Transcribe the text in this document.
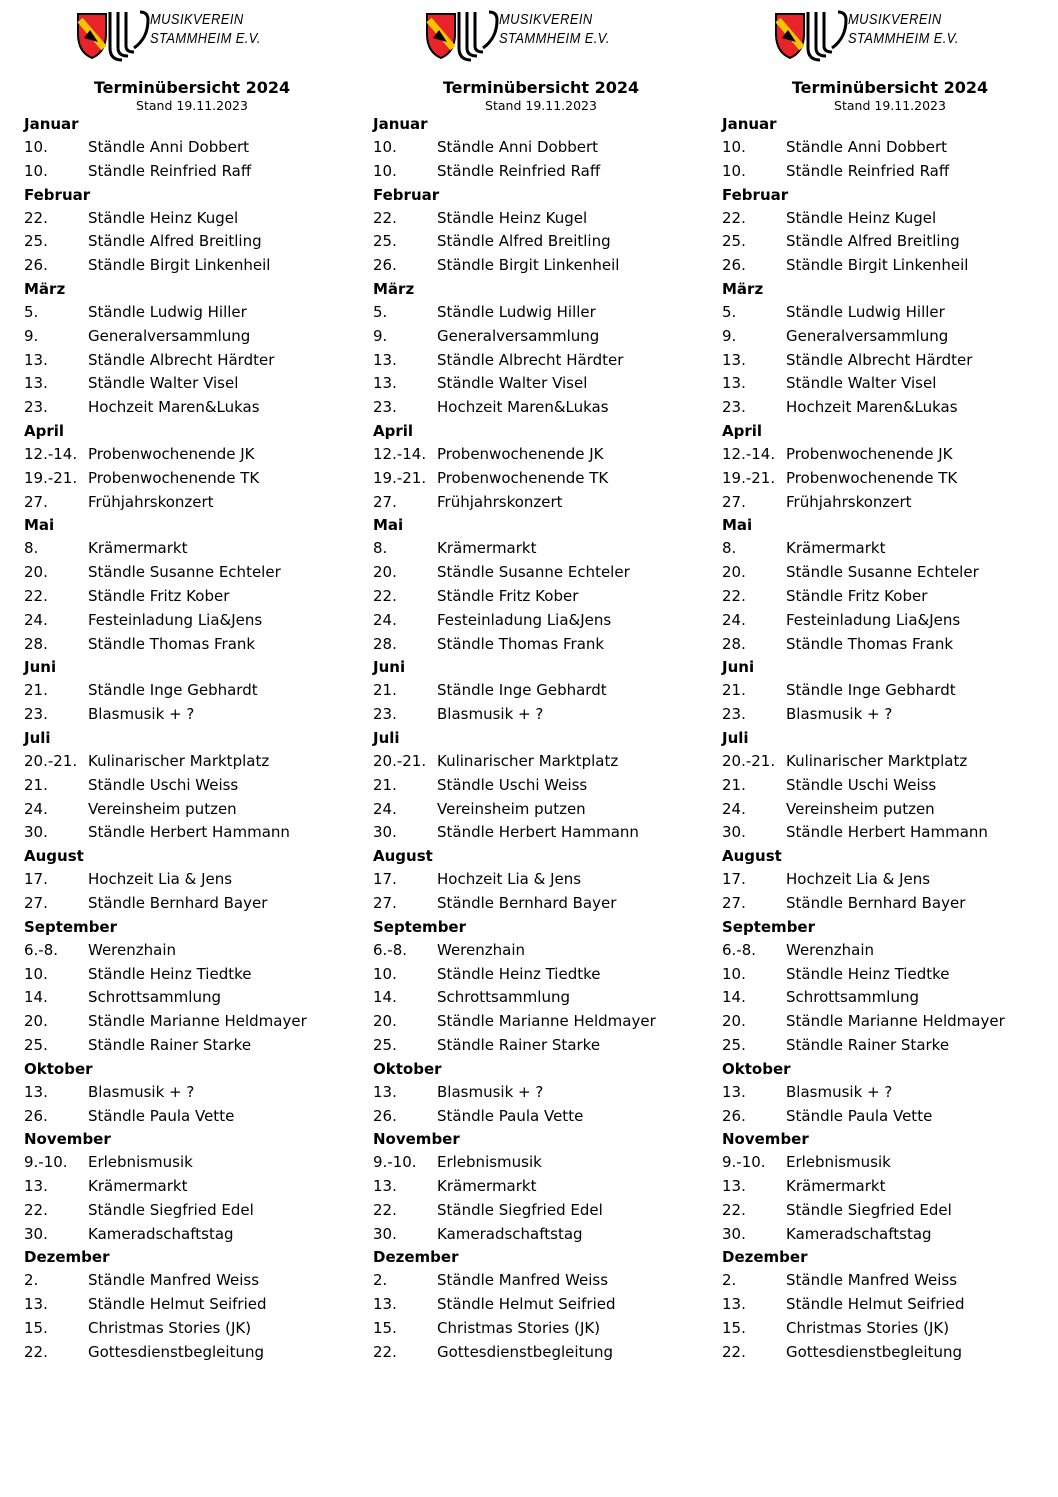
MUSIKVEREIN
STAMMHEIM E.V.
Terminübersicht 2024
Stand 19.11.2023
Januar
10.	Ständle Anni Dobbert
10.	Ständle Reinfried Raff
Februar
22.	Ständle Heinz Kugel
25.	Ständle Alfred Breitling
26.	Ständle Birgit Linkenheil
März
5.	Ständle Ludwig Hiller
9.	Generalversammlung
13.	Ständle Albrecht Härdter
13.	Ständle Walter Visel
23.	Hochzeit Maren&Lukas
April
12.-14. Probenwochenende JK
19.-21. Probenwochenende TK
27.	Frühjahrskonzert
Mai
8.	Krämermarkt
20.	Ständle Susanne Echteler
22.	Ständle Fritz Kober
24.	Festeinladung Lia&Jens
28.	Ständle Thomas Frank
Juni
21.	Ständle Inge Gebhardt
23.	Blasmusik + ?
Juli
20.-21. Kulinarischer Marktplatz
21.	Ständle Uschi Weiss
24.	Vereinsheim putzen
30.	Ständle Herbert Hammann
August
17.	Hochzeit Lia & Jens
27.	Ständle Bernhard Bayer
September
6.-8.	Werenzhain
10.	Ständle Heinz Tiedtke
14.	Schrottsammlung
20.	Ständle Marianne Heldmayer
25.	Ständle Rainer Starke
Oktober
13.	Blasmusik + ?
26.	Ständle Paula Vette
November
9.-10.	Erlebnismusik
13.	Krämermarkt
22.	Ständle Siegfried Edel
30.	Kameradschaftstag
Dezember
2.	Ständle Manfred Weiss
13.	Ständle Helmut Seifried
15.	Christmas Stories (JK)
22.	Gottesdienstbegleitung
MUSIKVEREIN
STAMMHEIM E.V.
Terminübersicht 2024
Stand 19.11.2023
Januar
10.	Ständle Anni Dobbert
10.	Ständle Reinfried Raff
Februar
22.	Ständle Heinz Kugel
25.	Ständle Alfred Breitling
26.	Ständle Birgit Linkenheil
März
5.	Ständle Ludwig Hiller
9.	Generalversammlung
13.	Ständle Albrecht Härdter
13.	Ständle Walter Visel
23.	Hochzeit Maren&Lukas
April
12.-14. Probenwochenende JK
19.-21. Probenwochenende TK
27.	Frühjahrskonzert
Mai
8.	Krämermarkt
20.	Ständle Susanne Echteler
22.	Ständle Fritz Kober
24.	Festeinladung Lia&Jens
28.	Ständle Thomas Frank
Juni
21.	Ständle Inge Gebhardt
23.	Blasmusik + ?
Juli
20.-21. Kulinarischer Marktplatz
21.	Ständle Uschi Weiss
24.	Vereinsheim putzen
30.	Ständle Herbert Hammann
August
17.	Hochzeit Lia & Jens
27.	Ständle Bernhard Bayer
September
6.-8.	Werenzhain
10.	Ständle Heinz Tiedtke
14.	Schrottsammlung
20.	Ständle Marianne Heldmayer
25.	Ständle Rainer Starke
Oktober
13.	Blasmusik + ?
26.	Ständle Paula Vette
November
9.-10.	Erlebnismusik
13.	Krämermarkt
22.	Ständle Siegfried Edel
30.	Kameradschaftstag
Dezember
2.	Ständle Manfred Weiss
13.	Ständle Helmut Seifried
15.	Christmas Stories (JK)
22.	Gottesdienstbegleitung
MUSIKVEREIN
STAMMHEIM E.V.
Terminübersicht 2024
Stand 19.11.2023
Januar
10.	Ständle Anni Dobbert
10.	Ständle Reinfried Raff
Februar
22.	Ständle Heinz Kugel
25.	Ständle Alfred Breitling
26.	Ständle Birgit Linkenheil
März
5.	Ständle Ludwig Hiller
9.	Generalversammlung
13.	Ständle Albrecht Härdter
13.	Ständle Walter Visel
23.	Hochzeit Maren&Lukas
April
12.-14. Probenwochenende JK
19.-21. Probenwochenende TK
27.	Frühjahrskonzert
Mai
8.	Krämermarkt
20.	Ständle Susanne Echteler
22.	Ständle Fritz Kober
24.	Festeinladung Lia&Jens
28.	Ständle Thomas Frank
Juni
21.	Ständle Inge Gebhardt
23.	Blasmusik + ?
Juli
20.-21. Kulinarischer Marktplatz
21.	Ständle Uschi Weiss
24.	Vereinsheim putzen
30.	Ständle Herbert Hammann
August
17.	Hochzeit Lia & Jens
27.	Ständle Bernhard Bayer
September
6.-8.	Werenzhain
10.	Ständle Heinz Tiedtke
14.	Schrottsammlung
20.	Ständle Marianne Heldmayer
25.	Ständle Rainer Starke
Oktober
13.	Blasmusik + ?
26.	Ständle Paula Vette
November
9.-10.	Erlebnismusik
13.	Krämermarkt
22.	Ständle Siegfried Edel
30.	Kameradschaftstag
Dezember
2.	Ständle Manfred Weiss
13.	Ständle Helmut Seifried
15.	Christmas Stories (JK)
22.	Gottesdienstbegleitung
